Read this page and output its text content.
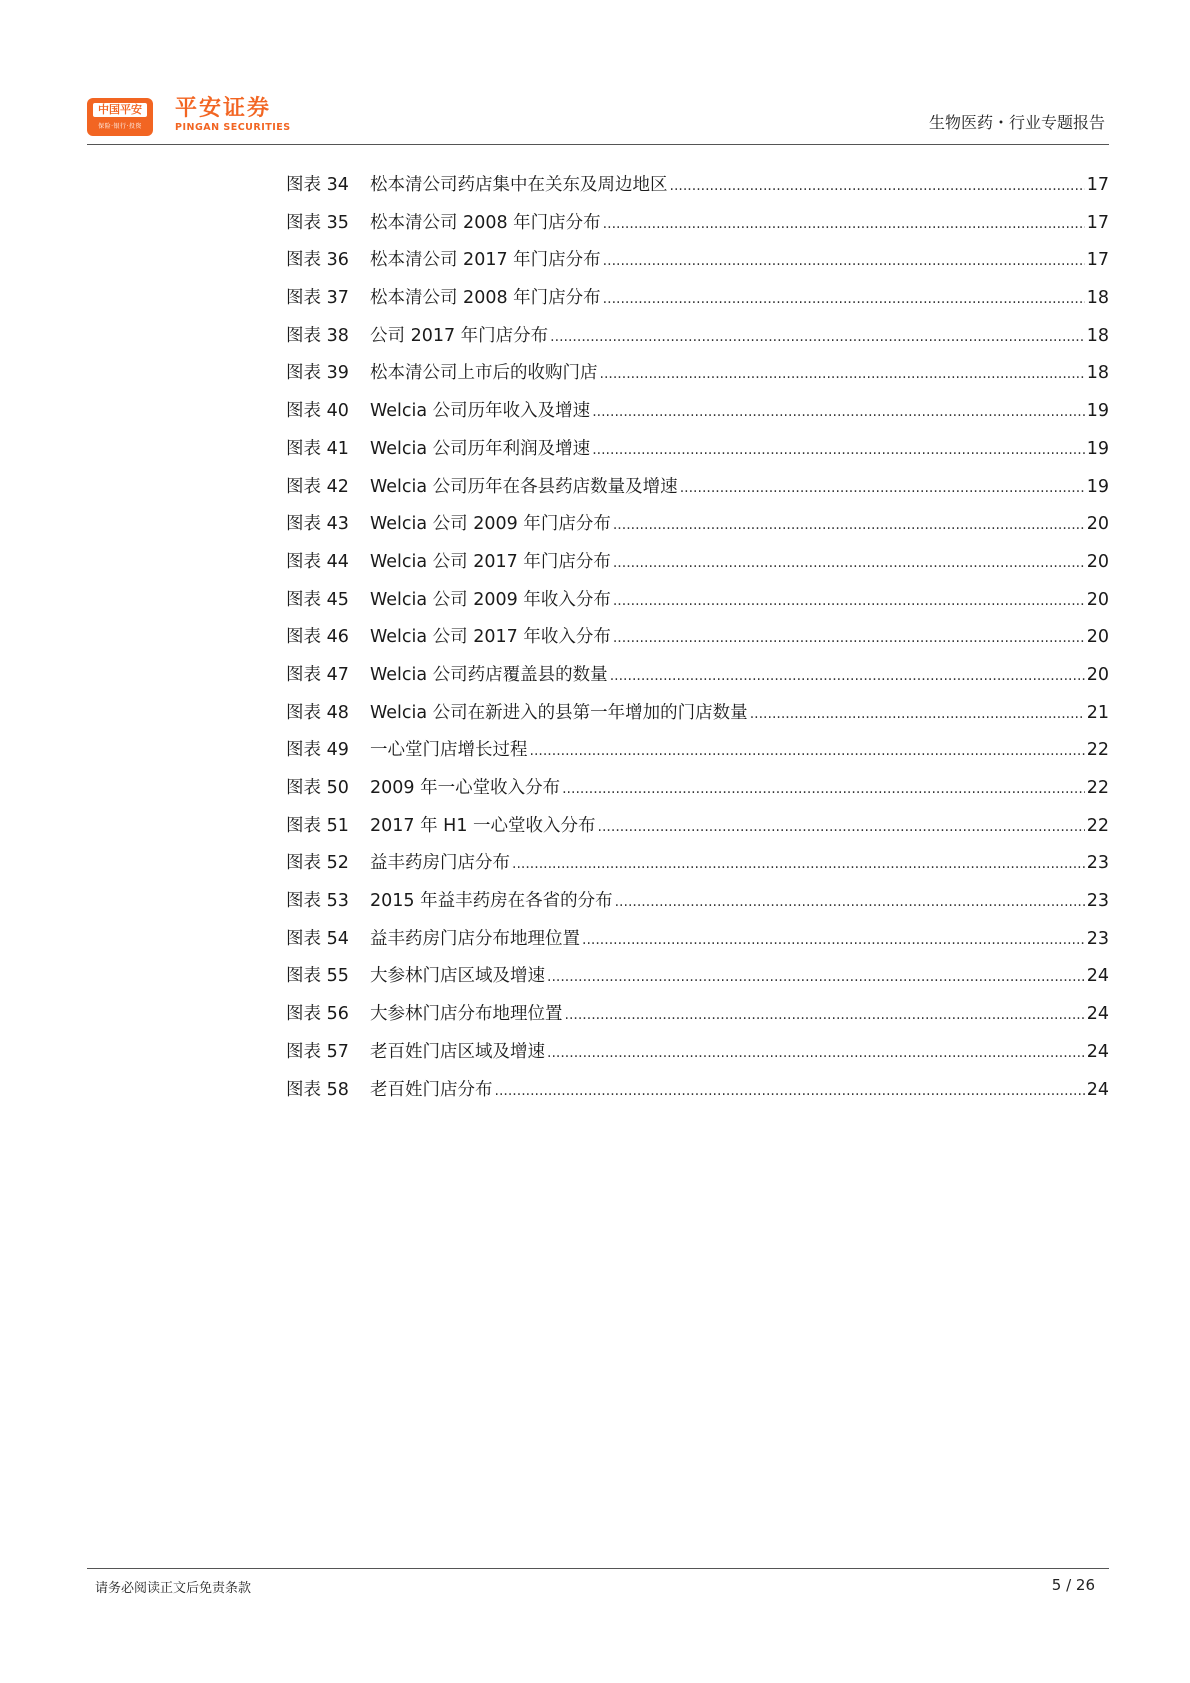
中国平安
保险·银行·投资
平安证券
PINGAN SECURITIES	生物医药・行业专题报告
图表 34	松本清公司药店集中在关东及周边地区 .....	17
图表 35	松本清公司 2008 年门店分布 .....	17
图表 36	松本清公司 2017 年门店分布 .....	17
图表 37	松本清公司 2008 年门店分布 .....	18
图表 38	公司 2017 年门店分布 .....	18
图表 39	松本清公司上市后的收购门店 .....	18
图表 40	Welcia 公司历年收入及增速 .....	19
图表 41	Welcia 公司历年利润及增速 .....	19
图表 42	Welcia 公司历年在各县药店数量及增速 .....	19
图表 43	Welcia 公司 2009 年门店分布 .....	20
图表 44	Welcia 公司 2017 年门店分布 .....	20
图表 45	Welcia 公司 2009 年收入分布 .....	20
图表 46	Welcia 公司 2017 年收入分布 .....	20
图表 47	Welcia 公司药店覆盖县的数量 .....	20
图表 48	Welcia 公司在新进入的县第一年增加的门店数量 .....	21
图表 49	一心堂门店增长过程 .....	22
图表 50	2009 年一心堂收入分布 .....	22
图表 51	2017 年 H1 一心堂收入分布 .....	22
图表 52	益丰药房门店分布 .....	23
图表 53	2015 年益丰药房在各省的分布 .....	23
图表 54	益丰药房门店分布地理位置 .....	23
图表 55	大参林门店区域及增速 .....	24
图表 56	大参林门店分布地理位置 .....	24
图表 57	老百姓门店区域及增速 .....	24
图表 58	老百姓门店分布 .....	24
请务必阅读正文后免责条款	5 / 26
